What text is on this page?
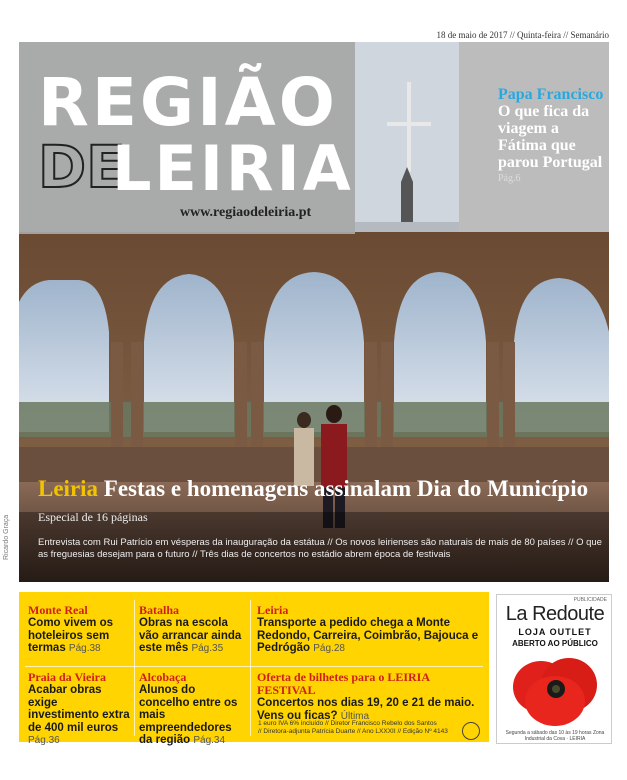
18 de maio de 2017 // Quinta-feira // Semanário
REGIÃO
DE
LEIRIA
www.regiaodeleiria.pt
Papa Francisco
O que fica da viagem a Fátima que parou Portugal
Pág.6
Leiria Festas e homenagens assinalam Dia do Município Especial de 16 páginas
Entrevista com Rui Patrício em vésperas da inauguração da estátua // Os novos leirienses são naturais de mais de 80 países // O que as freguesias desejam para o futuro // Três dias de concertos no estádio abrem época de festivais
Ricardo Graça
Monte Real
Como vivem os hoteleiros sem termas Pág.38
Batalha
Obras na escola vão arrancar ainda este mês Pág.35
Leiria
Transporte a pedido chega a Monte Redondo, Carreira, Coimbrão, Bajouca e Pedrógão Pág.28
Praia da Vieira
Acabar obras exige investimento extra de 400 mil euros Pág.36
Alcobaça
Alunos do concelho entre os mais empreendedores da região Pág.34
Oferta de bilhetes para o LEIRIA FESTIVAL
Concertos nos dias 19, 20 e 21 de maio. Vens ou ficas? Última
1 euro IVA 6% incluído // Diretor Francisco Rebelo dos Santos
// Diretora-adjunta Patrícia Duarte // Ano LXXXII // Edição Nº 4143
PUBLICIDADE
La Redoute
LOJA OUTLET
ABERTO AO PÚBLICO
Segunda a sábado das 10 às 19 horas Zona Industrial da Cova · LEIRIA
